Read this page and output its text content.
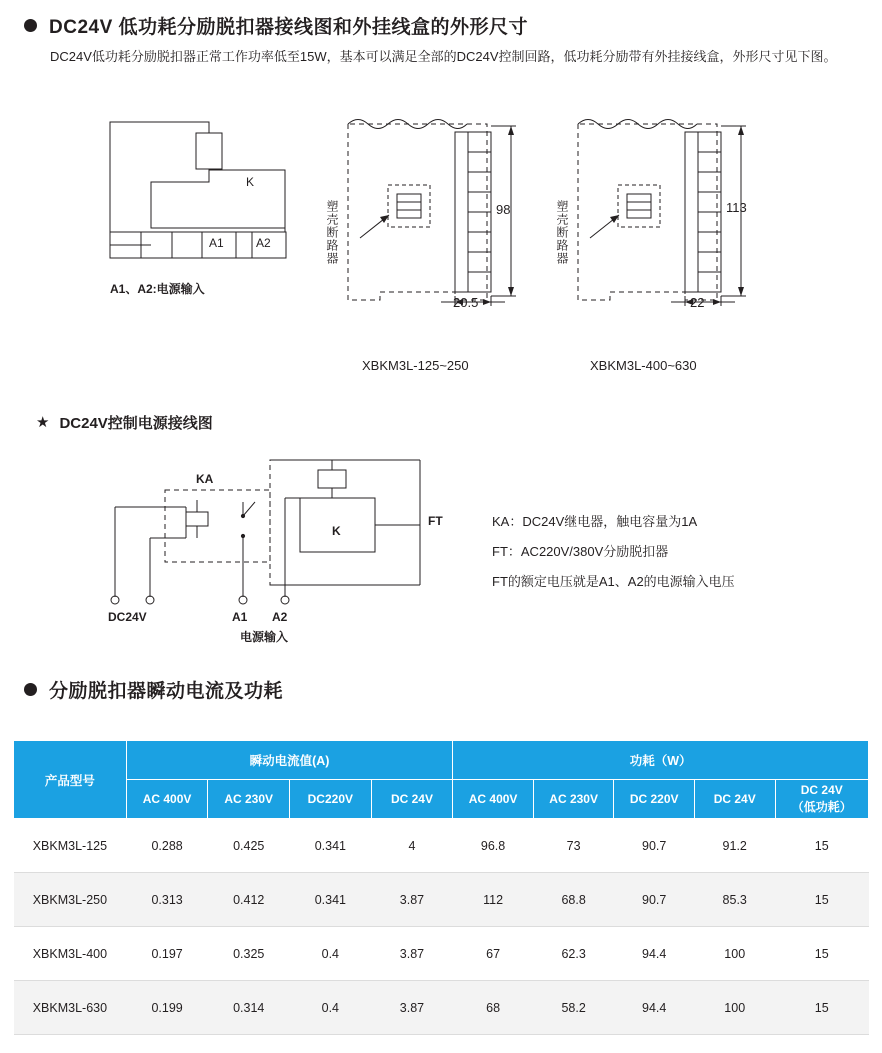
DC24V 低功耗分励脱扣器接线图和外挂线盒的外形尺寸
DC24V低功耗分励脱扣器正常工作功率低至15W，基本可以满足全部的DC24V控制回路，低功耗分励带有外挂接线盒，外形尺寸见下图。
K
A1	A2
A1、A2:电源输入
塑壳断路器	98
20.5
塑壳断路器	113
22
XBKM3L-125~250	XBKM3L-400~630
★ DC24V控制电源接线图
KA
K
FT
DC24V	A1 A2
电源输入
KA：DC24V继电器，触电容量为1A
FT：AC220V/380V分励脱扣器
FT的额定电压就是A1、A2的电源输入电压
分励脱扣器瞬动电流及功耗
产品型号	瞬动电流值(A)				功耗（W）				
	AC 400V	AC 230V	DC220V	DC 24V	AC 400V	AC 230V	DC 220V	DC 24V	DC 24V
（低功耗）

XBKM3L-125	0.288	0.425	0.341	4	96.8	73	90.7	91.2	15
XBKM3L-250	0.313	0.412	0.341	3.87	112	68.8	90.7	85.3	15
XBKM3L-400	0.197	0.325	0.4	3.87	67	62.3	94.4	100	15
XBKM3L-630	0.199	0.314	0.4	3.87	68	58.2	94.4	100	15
